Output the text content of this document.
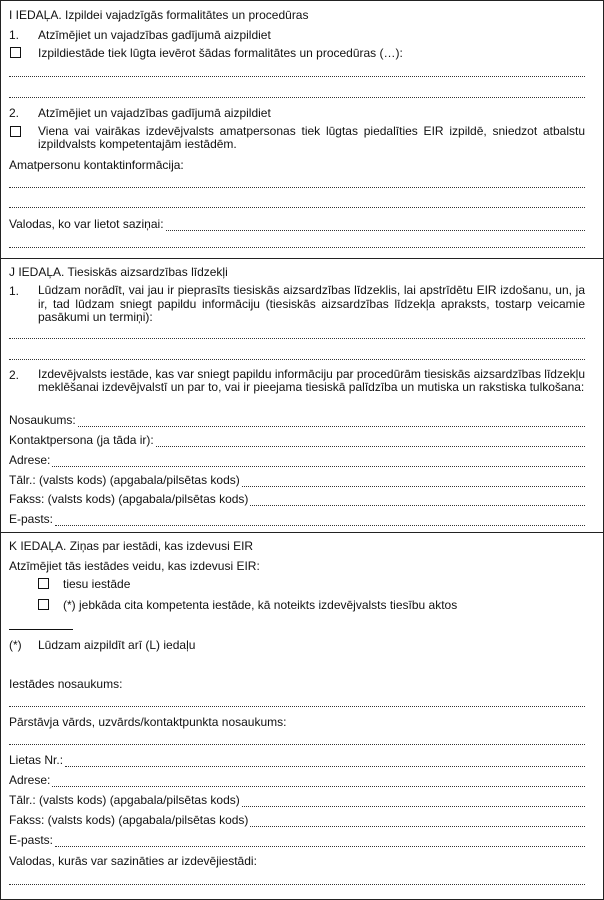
I IEDAĻA. Izpildei vajadzīgās formalitātes un procedūras
1. Atzīmējiet un vajadzības gadījumā aizpildiet
Izpildiestāde tiek lūgta ievērot šādas formalitātes un procedūras (…):
2. Atzīmējiet un vajadzības gadījumā aizpildiet
Viena vai vairākas izdevējvalsts amatpersonas tiek lūgtas piedalīties EIR izpildē, sniedzot atbalstu izpildvalsts kompetentajām iestādēm.
Amatpersonu kontaktinformācija:
Valodas, ko var lietot saziņai:
J IEDAĻA. Tiesiskās aizsardzības līdzekļi
1. Lūdzam norādīt, vai jau ir pieprasīts tiesiskās aizsardzības līdzeklis, lai apstrīdētu EIR izdošanu, un, ja ir, tad lūdzam sniegt papildu informāciju (tiesiskās aizsardzības līdzekļa apraksts, tostarp veicamie pasākumi un termiņi):
2. Izdevējvalsts iestāde, kas var sniegt papildu informāciju par procedūrām tiesiskās aizsardzības līdzekļu meklēšanai izdevējvalstī un par to, vai ir pieejama tiesiskā palīdzība un mutiska un rakstiska tulkošana:
Nosaukums:
Kontaktpersona (ja tāda ir):
Adrese:
Tālr.: (valsts kods) (apgabala/pilsētas kods)
Fakss: (valsts kods) (apgabala/pilsētas kods)
E-pasts:
K IEDAĻA. Ziņas par iestādi, kas izdevusi EIR
Atzīmējiet tās iestādes veidu, kas izdevusi EIR:
tiesu iestāde
(*) jebkāda cita kompetenta iestāde, kā noteikts izdevējvalsts tiesību aktos
(*) Lūdzam aizpildīt arī (L) iedaļu
Iestādes nosaukums:
Pārstāvja vārds, uzvārds/kontaktpunkta nosaukums:
Lietas Nr.:
Adrese:
Tālr.: (valsts kods) (apgabala/pilsētas kods)
Fakss: (valsts kods) (apgabala/pilsētas kods)
E-pasts:
Valodas, kurās var sazināties ar izdevējiestādi:
